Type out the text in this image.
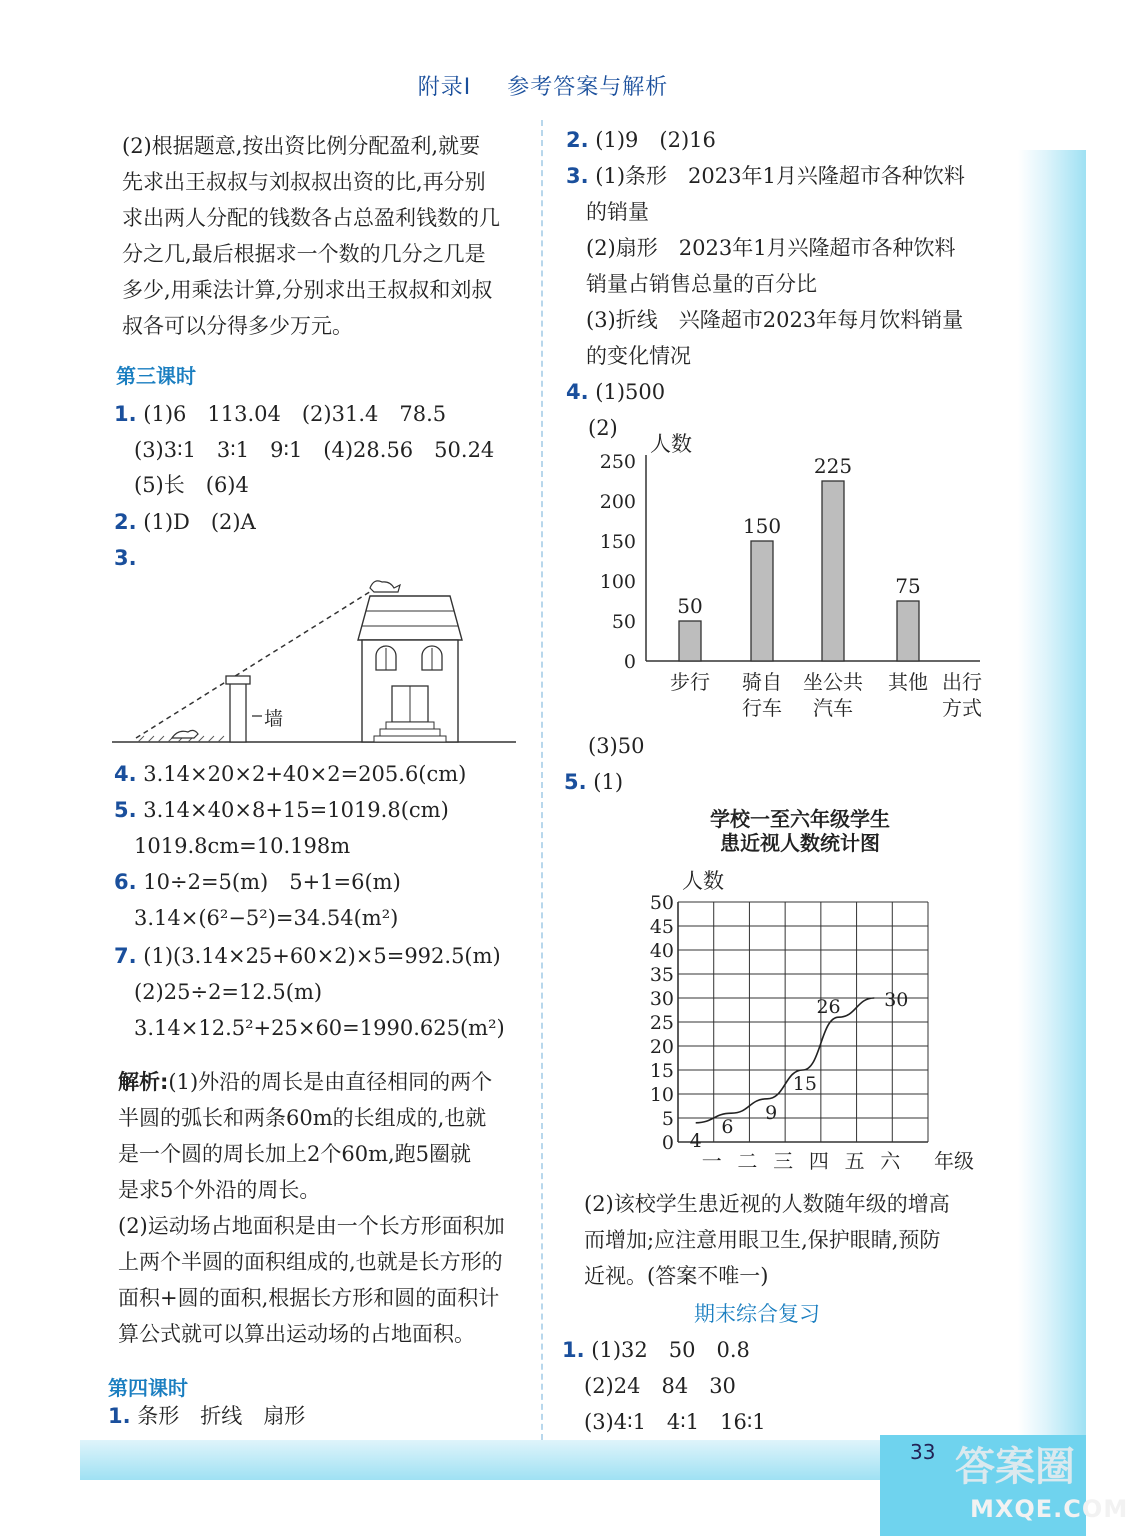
附录Ⅰ 参考答案与解析
33 答案圈
MXQE.COM
(2)根据题意,按出资比例分配盈利,就要
先求出王叔叔与刘叔叔出资的比,再分别
求出两人分配的钱数各占总盈利钱数的几
分之几,最后根据求一个数的几分之几是
多少,用乘法计算,分别求出王叔叔和刘叔
叔各可以分得多少万元。
第三课时
1. (1)6　113.04　(2)31.4　78.5
(3)3∶1　3∶1　9∶1　(4)28.56　50.24
(5)长　(6)4
2. (1)D　(2)A
3.
墙
4. 3.14×20×2+40×2=205.6(cm)
5. 3.14×40×8+15=1019.8(cm)
1019.8cm=10.198m
6. 10÷2=5(m)　5+1=6(m)
3.14×(6²−5²)=34.54(m²)
7. (1)(3.14×25+60×2)×5=992.5(m)
(2)25÷2=12.5(m)
3.14×12.5²+25×60=1990.625(m²)
解析:(1)外沿的周长是由直径相同的两个
半圆的弧长和两条60m的长组成的,也就
是一个圆的周长加上2个60m,跑5圈就
是求5个外沿的周长。
(2)运动场占地面积是由一个长方形面积加
上两个半圆的面积组成的,也就是长方形的
面积+圆的面积,根据长方形和圆的面积计
算公式就可以算出运动场的占地面积。
第四课时
1. 条形　折线　扇形
2. (1)9　(2)16
3. (1)条形　2023年1月兴隆超市各种饮料
的销量
(2)扇形　2023年1月兴隆超市各种饮料
销量占销售总量的百分比
(3)折线　兴隆超市2023年每月饮料销量
的变化情况
4. (1)500
(2)
人数
出行
方式
0
50
100
150
200
250
50
150
225
75
步行 骑自
行车
坐公共
汽车
其他
(3)50
5. (1)
学校一至六年级学生
患近视人数统计图
人数
年级
0
5
10
15
20
25
30
35
40
45
50
一 二 三 四 五 六
4
6
9
15
26 30
(2)该校学生患近视的人数随年级的增高
而增加;应注意用眼卫生,保护眼睛,预防
近视。(答案不唯一)
期末综合复习
1. (1)32　50　0.8
(2)24　84　30
(3)4∶1　4∶1　16∶1
